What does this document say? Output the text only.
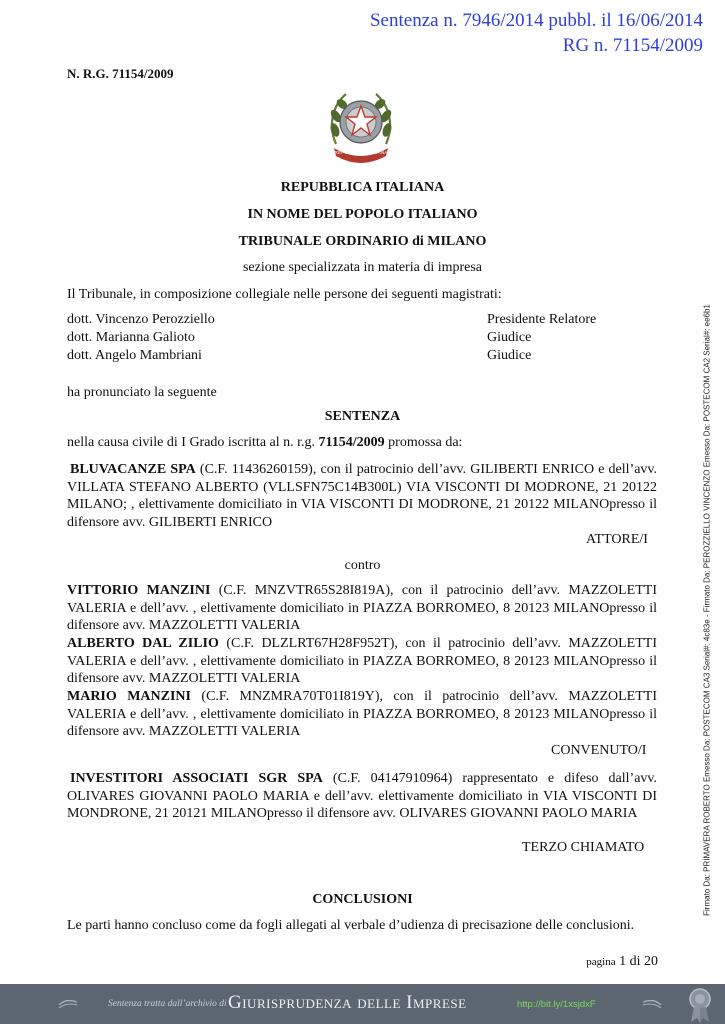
Sentenza n. 7946/2014 pubbl. il 16/06/2014
RG n. 71154/2009
N. R.G. 71154/2009
REPUBBLICA ITALIANA
REPUBBLICA ITALIANA
IN NOME DEL POPOLO ITALIANO
TRIBUNALE ORDINARIO di MILANO
sezione specializzata in materia di impresa
Il Tribunale, in composizione collegiale nelle persone dei seguenti magistrati:
dott. Vincenzo Perozziello	Presidente Relatore
dott. Marianna Galioto	Giudice
dott. Angelo Mambriani	Giudice
ha pronunciato la seguente
SENTENZA
nella causa civile di I Grado iscritta al n. r.g. 71154/2009 promossa da:
BLUVACANZE SPA (C.F. 11436260159), con il patrocinio dell’avv. GILIBERTI ENRICO e dell’avv. VILLATA STEFANO ALBERTO (VLLSFN75C14B300L) VIA VISCONTI DI MODRONE, 21 20122 MILANO; , elettivamente domiciliato in VIA VISCONTI DI MODRONE, 21 20122 MILANOpresso il difensore avv. GILIBERTI ENRICO
ATTORE/I
contro
VITTORIO MANZINI (C.F. MNZVTR65S28I819A), con il patrocinio dell’avv. MAZZOLETTI VALERIA e dell’avv. , elettivamente domiciliato in PIAZZA BORROMEO, 8 20123 MILANOpresso il difensore avv. MAZZOLETTI VALERIA
ALBERTO DAL ZILIO (C.F. DLZLRT67H28F952T), con il patrocinio dell’avv. MAZZOLETTI VALERIA e dell’avv. , elettivamente domiciliato in PIAZZA BORROMEO, 8 20123 MILANOpresso il difensore avv. MAZZOLETTI VALERIA
MARIO MANZINI (C.F. MNZMRA70T01I819Y), con il patrocinio dell’avv. MAZZOLETTI VALERIA e dell’avv. , elettivamente domiciliato in PIAZZA BORROMEO, 8 20123 MILANOpresso il difensore avv. MAZZOLETTI VALERIA
CONVENUTO/I
INVESTITORI ASSOCIATI SGR SPA (C.F. 04147910964) rappresentato e difeso dall’avv. OLIVARES GIOVANNI PAOLO MARIA e dell’avv. elettivamente domiciliato in VIA VISCONTI DI MONDRONE, 21 20121 MILANOpresso il difensore avv. OLIVARES GIOVANNI PAOLO MARIA
TERZO CHIAMATO
CONCLUSIONI
Le parti hanno concluso come da fogli allegati al verbale d’udienza di precisazione delle conclusioni.
pagina 1 di 20
Firmato Da: PRIMAVERA ROBERTO Emesso Da: POSTECOM CA3 Serial#: 4c83e - Firmato Da: PEROZZIELLO VINCENZO Emesso Da: POSTECOM CA2 Serial#: ee6b1
Sentenza tratta dall’archivio di Giurisprudenza delle Imprese	http://bit.ly/1xsjdxF
